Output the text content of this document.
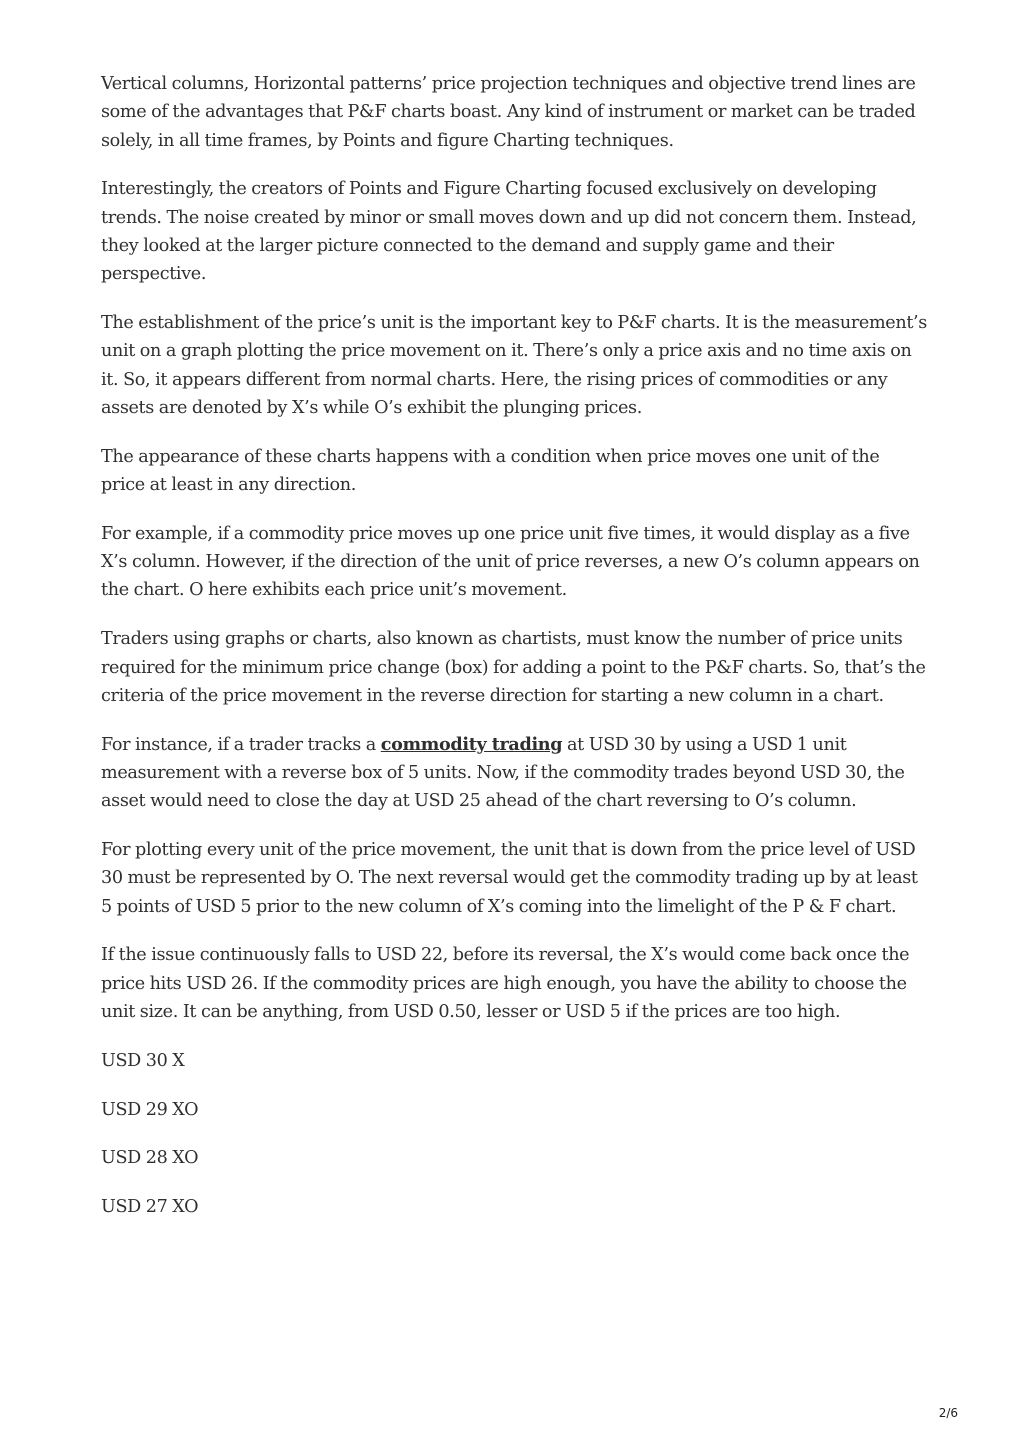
Vertical columns, Horizontal patterns’ price projection techniques and objective trend lines are some of the advantages that P&F charts boast. Any kind of instrument or market can be traded solely, in all time frames, by Points and figure Charting techniques.

Interestingly, the creators of Points and Figure Charting focused exclusively on developing trends. The noise created by minor or small moves down and up did not concern them. Instead, they looked at the larger picture connected to the demand and supply game and their perspective.

The establishment of the price’s unit is the important key to P&F charts. It is the measurement’s unit on a graph plotting the price movement on it. There’s only a price axis and no time axis on it. So, it appears different from normal charts. Here, the rising prices of commodities or any assets are denoted by X’s while O’s exhibit the plunging prices.

The appearance of these charts happens with a condition when price moves one unit of the price at least in any direction.

For example, if a commodity price moves up one price unit five times, it would display as a five X’s column. However, if the direction of the unit of price reverses, a new O’s column appears on the chart. O here exhibits each price unit’s movement.

Traders using graphs or charts, also known as chartists, must know the number of price units required for the minimum price change (box) for adding a point to the P&F charts. So, that’s the criteria of the price movement in the reverse direction for starting a new column in a chart.

For instance, if a trader tracks a commodity trading at USD 30 by using a USD 1 unit measurement with a reverse box of 5 units. Now, if the commodity trades beyond USD 30, the asset would need to close the day at USD 25 ahead of the chart reversing to O’s column.

For plotting every unit of the price movement, the unit that is down from the price level of USD 30 must be represented by O. The next reversal would get the commodity trading up by at least 5 points of USD 5 prior to the new column of X’s coming into the limelight of the P & F chart.

If the issue continuously falls to USD 22, before its reversal, the X’s would come back once the price hits USD 26. If the commodity prices are high enough, you have the ability to choose the unit size. It can be anything, from USD 0.50, lesser or USD 5 if the prices are too high.

USD 30 X

USD 29 XO

USD 28 XO

USD 27 XO

2/6
